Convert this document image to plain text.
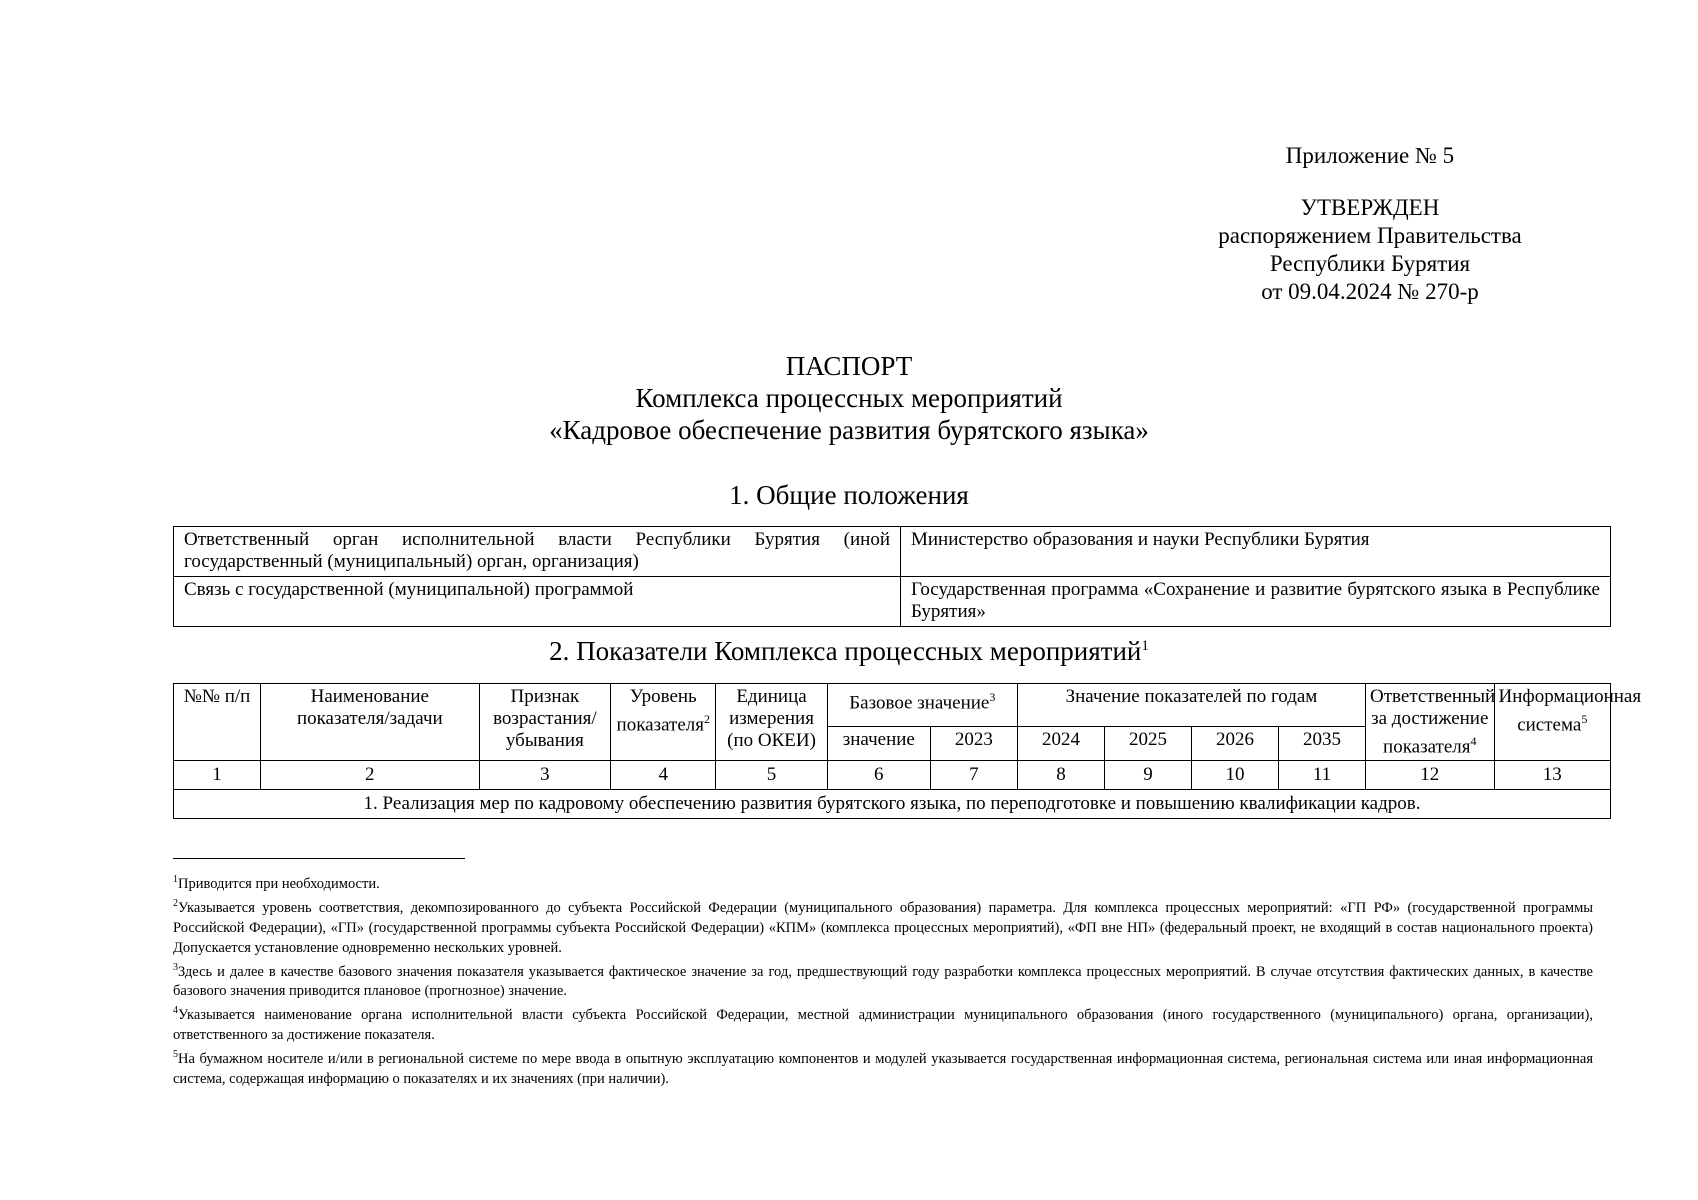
Приложение № 5
УТВЕРЖДЕН
распоряжением Правительства
Республики Бурятия
от 09.04.2024 № 270-р
ПАСПОРТ
Комплекса процессных мероприятий
«Кадровое обеспечение развития бурятского языка»
1. Общие положения
Ответственный орган исполнительной власти Республики Бурятия (иной государственный (муниципальный) орган, организация)	Министерство образования и науки Республики Бурятия
Связь с государственной (муниципальной) программой	Государственная программа «Сохранение и развитие бурятского языка в Республике Бурятия»
2. Показатели Комплекса процессных мероприятий$^1$
№№ п/п	Наименование показателя/задачи	Признак возрастания/убывания	Уровень показателя$^2$	Единица измерения (по ОКЕИ)	Базовое значение$^3$		Значение показателей по годам				Ответственный за достижение показателя$^4$	Информационная система$^5$
					значение	2023	2024	2025	2026	2035		
1	2	3	4	5	6	7	8	9	10	11	12	13
1. Реализация мер по кадровому обеспечению развития бурятского языка, по переподготовке и повышению квалификации кадров.												

$^1$Приводится при необходимости.

$^2$Указывается уровень соответствия, декомпозированного до субъекта Российской Федерации (муниципального образования) параметра. Для комплекса процессных мероприятий: «ГП РФ» (государственной программы Российской Федерации), «ГП» (государственной программы субъекта Российской Федерации) «КПМ» (комплекса процессных мероприятий), «ФП вне НП» (федеральный проект, не входящий в состав национального проекта) Допускается установление одновременно нескольких уровней.

$^3$Здесь и далее в качестве базового значения показателя указывается фактическое значение за год, предшествующий году разработки комплекса процессных мероприятий. В случае отсутствия фактических данных, в качестве базового значения приводится плановое (прогнозное) значение.

$^4$Указывается наименование органа исполнительной власти субъекта Российской Федерации, местной администрации муниципального образования (иного государственного (муниципального) органа, организации), ответственного за достижение показателя.

$^5$На бумажном носителе и/или в региональной системе по мере ввода в опытную эксплуатацию компонентов и модулей указывается государственная информационная система, региональная система или иная информационная система, содержащая информацию о показателях и их значениях (при наличии).
